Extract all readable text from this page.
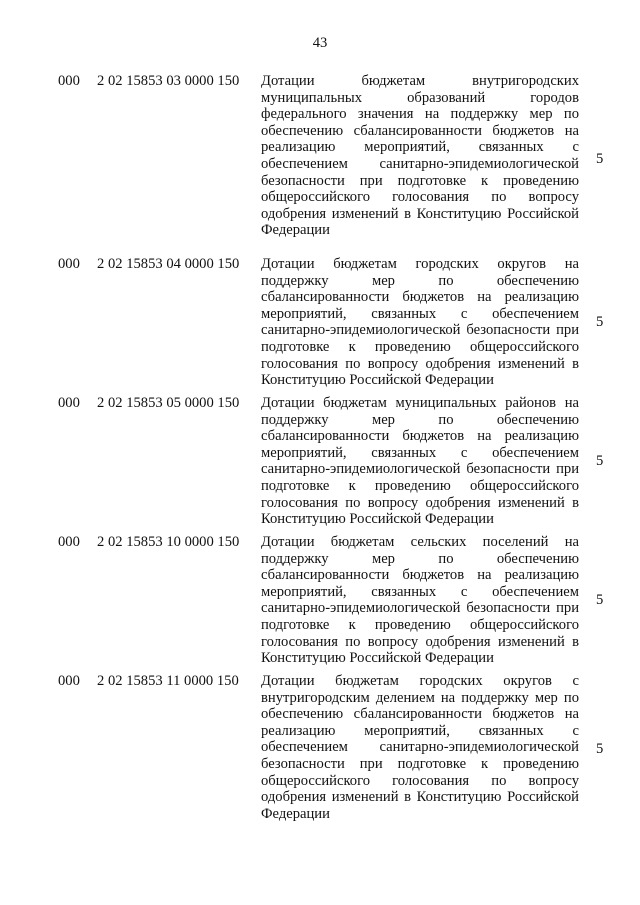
43
000 2 02 15853 03 0000 150 Дотации бюджетам внутригородских муниципальных образований городов федерального значения на поддержку мер по обеспечению сбалансированности бюджетов на реализацию мероприятий, связанных с обеспечением санитарно-эпидемиологической безопасности при подготовке к проведению общероссийского голосования по вопросу одобрения изменений в Конституцию Российской Федерации
5
000 2 02 15853 04 0000 150 Дотации бюджетам городских округов на поддержку мер по обеспечению сбалансированности бюджетов на реализацию мероприятий, связанных с обеспечением санитарно-эпидемиологической безопасности при подготовке к проведению общероссийского голосования по вопросу одобрения изменений в Конституцию Российской Федерации
5
000 2 02 15853 05 0000 150 Дотации бюджетам муниципальных районов на поддержку мер по обеспечению сбалансированности бюджетов на реализацию мероприятий, связанных с обеспечением санитарно-эпидемиологической безопасности при подготовке к проведению общероссийского голосования по вопросу одобрения изменений в Конституцию Российской Федерации
5
000 2 02 15853 10 0000 150 Дотации бюджетам сельских поселений на поддержку мер по обеспечению сбалансированности бюджетов на реализацию мероприятий, связанных с обеспечением санитарно-эпидемиологической безопасности при подготовке к проведению общероссийского голосования по вопросу одобрения изменений в Конституцию Российской Федерации
5
000 2 02 15853 11 0000 150 Дотации бюджетам городских округов с внутригородским делением на поддержку мер по обеспечению сбалансированности бюджетов на реализацию мероприятий, связанных с обеспечением санитарно-эпидемиологической безопасности при подготовке к проведению общероссийского голосования по вопросу одобрения изменений в Конституцию Российской Федерации
5
